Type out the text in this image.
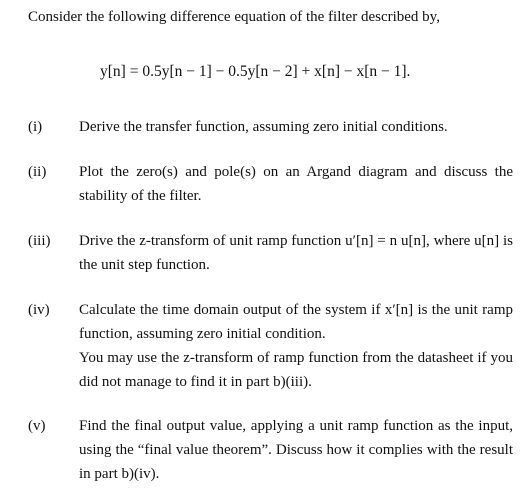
Consider the following difference equation of the filter described by,
y[n] = 0.5y[n − 1] − 0.5y[n − 2] + x[n] − x[n − 1].
(i) Derive the transfer function, assuming zero initial conditions.

(ii) Plot the zero(s) and pole(s) on an Argand diagram and discuss the stability of the filter.

(iii) Drive the z-transform of unit ramp function u′[n] = n u[n], where u[n] is the unit step function.

(iv) Calculate the time domain output of the system if x′[n] is the unit ramp function, assuming zero initial condition.

You may use the z-transform of ramp function from the datasheet if you did not manage to find it in part b)(iii).

(v) Find the final output value, applying a unit ramp function as the input, using the “final value theorem”. Discuss how it complies with the result in part b)(iv).
